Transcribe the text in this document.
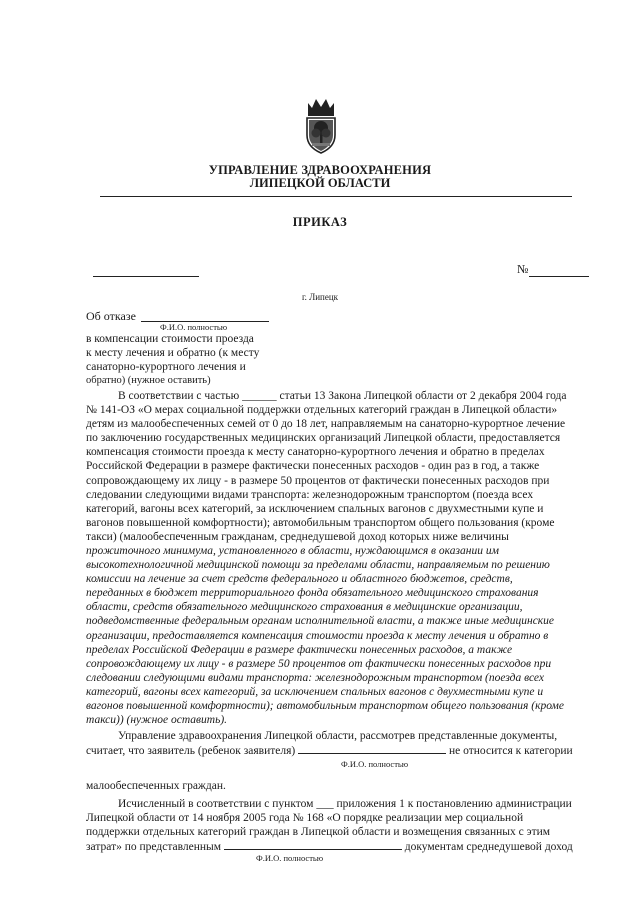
УПРАВЛЕНИЕ ЗДРАВООХРАНЕНИЯ
ЛИПЕЦКОЙ ОБЛАСТИ
ПРИКАЗ
№
г. Липецк
Об отказе
Ф.И.О. полностью
в компенсации стоимости проезда
к месту лечения и обратно (к месту
санаторно-курортного лечения и
обратно) (нужное оставить)
В соответствии с частью ______ статьи 13 Закона Липецкой области от 2 декабря 2004 года
№ 141-ОЗ «О мерах социальной поддержки отдельных категорий граждан в Липецкой области»
детям из малообеспеченных семей от 0 до 18 лет, направляемым на санаторно-курортное лечение
по заключению государственных медицинских организаций Липецкой области, предоставляется
компенсация стоимости проезда к месту санаторно-курортного лечения и обратно в пределах
Российской Федерации в размере фактически понесенных расходов - один раз в год, а также
сопровождающему их лицу - в размере 50 процентов от фактически понесенных расходов при
следовании следующими видами транспорта: железнодорожным транспортом (поезда всех
категорий, вагоны всех категорий, за исключением спальных вагонов с двухместными купе и
вагонов повышенной комфортности); автомобильным транспортом общего пользования (кроме
такси) (малообеспеченным гражданам, среднедушевой доход которых ниже величины
прожиточного минимума, установленного в области, нуждающимся в оказании им
высокотехнологичной медицинской помощи за пределами области, направляемым по решению
комиссии на лечение за счет средств федерального и областного бюджетов, средств,
переданных в бюджет территориального фонда обязательного медицинского страхования
области, средств обязательного медицинского страхования в медицинские организации,
подведомственные федеральным органам исполнительной власти, а также иные медицинские
организации, предоставляется компенсация стоимости проезда к месту лечения и обратно в
пределах Российской Федерации в размере фактически понесенных расходов, а также
сопровождающему их лицу - в размере 50 процентов от фактически понесенных расходов при
следовании следующими видами транспорта: железнодорожным транспортом (поезда всех
категорий, вагоны всех категорий, за исключением спальных вагонов с двухместными купе и
вагонов повышенной комфортности); автомобильным транспортом общего пользования (кроме
такси)) (нужное оставить).
Управление здравоохранения Липецкой области, рассмотрев представленные документы,
считает, что заявитель (ребенок заявителя)	не относится к категории
Ф.И.О. полностью
малообеспеченных граждан.
Исчисленный в соответствии с пунктом ___ приложения 1 к постановлению администрации
Липецкой области от 14 ноября 2005 года № 168 «О порядке реализации мер социальной
поддержки отдельных категорий граждан в Липецкой области и возмещения связанных с этим
затрат» по представленным	документам среднедушевой доход
Ф.И.О. полностью
